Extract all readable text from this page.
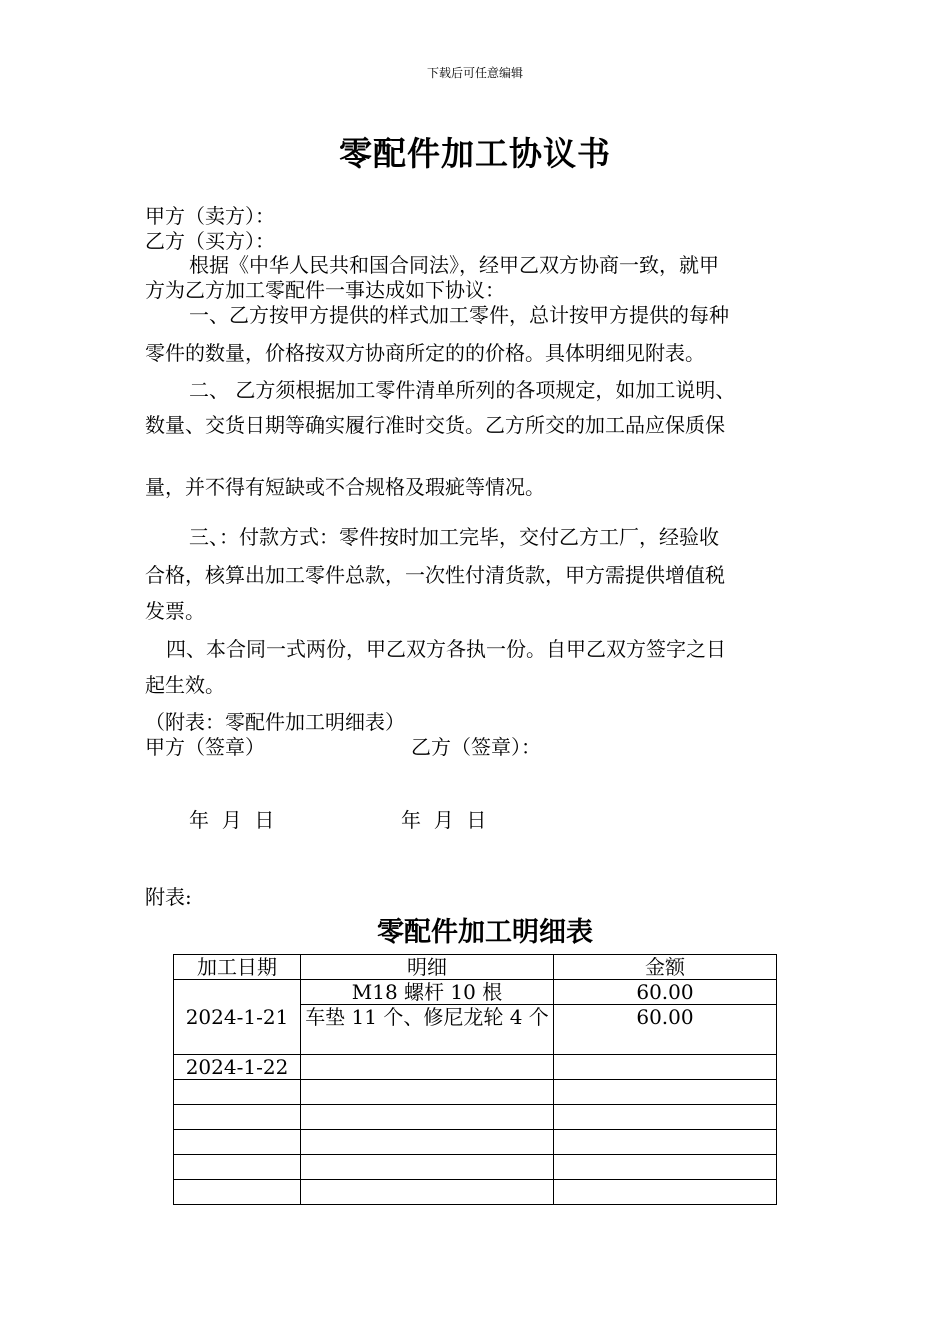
下载后可任意编辑
零配件加工协议书
甲方（卖方）：
乙方（买方）：
根据《中华人民共和国合同法》，经甲乙双方协商一致，就甲
方为乙方加工零配件一事达成如下协议：
一、乙方按甲方提供的样式加工零件，总计按甲方提供的每种
零件的数量，价格按双方协商所定的的价格。具体明细见附表。
二、 乙方须根据加工零件清单所列的各项规定，如加工说明、
数量、交货日期等确实履行准时交货。乙方所交的加工品应保质保
量，并不得有短缺或不合规格及瑕疵等情况。
三、：付款方式：零件按时加工完毕，交付乙方工厂，经验收
合格，核算出加工零件总款，一次性付清货款，甲方需提供增值税
发票。
四、本合同一式两份，甲乙双方各执一份。自甲乙双方签字之日
起生效。
（附表：零配件加工明细表）
甲方（签章）	乙方（签章）：
年  月  日	年  月  日
附表:
零配件加工明细表
加工日期	明细	金额
2024-1-21	M18 螺杆 10 根	60.00
	车垫 11 个、修尼龙轮 4 个	60.00
2024-1-22		
